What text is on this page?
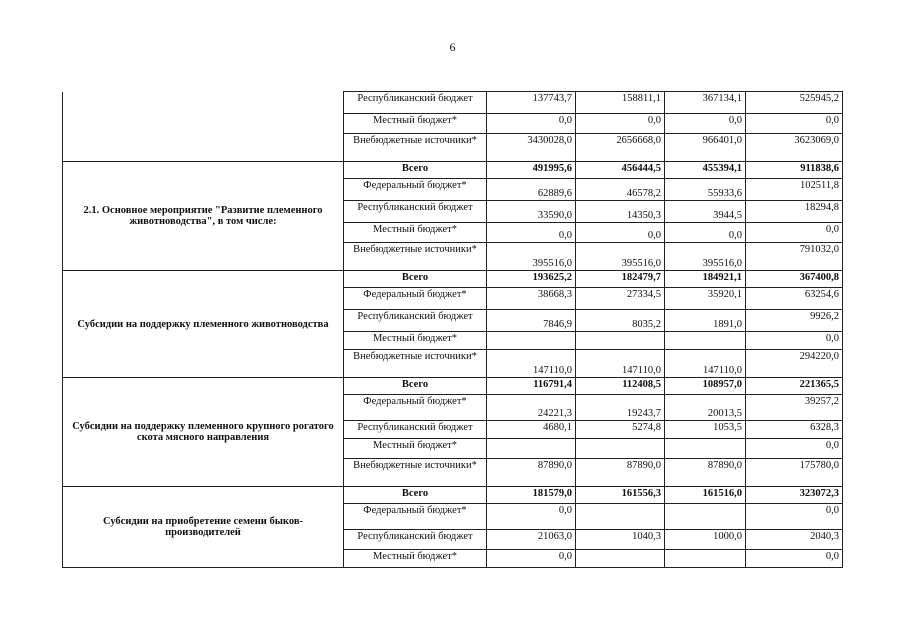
6
	Республиканский бюджет	137743,7	158811,1	367134,1	525945,2
	Местный бюджет*	0,0	0,0	0,0	0,0
	Внебюджетные источники*	3430028,0	2656668,0	966401,0	3623069,0
2.1. Основное мероприятие "Развитие племенного животноводства", в том числе:	Всего	491995,6	456444,5	455394,1	911838,6
	Федеральный бюджет*	62889,6	46578,2	55933,6	102511,8
	Республиканский бюджет	33590,0	14350,3	3944,5	18294,8
	Местный бюджет*	0,0	0,0	0,0	0,0
	Внебюджетные источники*	395516,0	395516,0	395516,0	791032,0
Субсидии на поддержку племенного животноводства	Всего	193625,2	182479,7	184921,1	367400,8
	Федеральный бюджет*	38668,3	27334,5	35920,1	63254,6
	Республиканский бюджет	7846,9	8035,2	1891,0	9926,2
	Местный бюджет*				0,0
	Внебюджетные источники*	147110,0	147110,0	147110,0	294220,0
Субсидии на поддержку племенного крупного рогатого скота мясного направления	Всего	116791,4	112408,5	108957,0	221365,5
	Федеральный бюджет*	24221,3	19243,7	20013,5	39257,2
	Республиканский бюджет	4680,1	5274,8	1053,5	6328,3
	Местный бюджет*				0,0
	Внебюджетные источники*	87890,0	87890,0	87890,0	175780,0
Субсидии на приобретение семени быков-производителей	Всего	181579,0	161556,3	161516,0	323072,3
	Федеральный бюджет*	0,0			0,0
	Республиканский бюджет	21063,0	1040,3	1000,0	2040,3
	Местный бюджет*	0,0			0,0
